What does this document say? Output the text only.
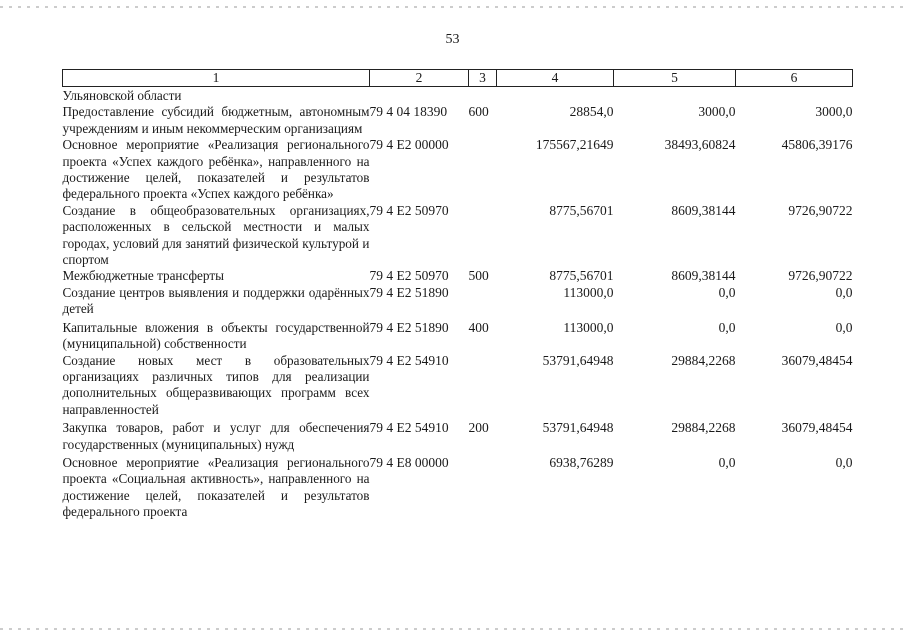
53
1	2	3	4	5	6
Ульяновской области					
Предоставление субсидий бюджетным, автономным учреждениям и иным некоммерческим организациям	79 4 04 18390	600	28854,0	3000,0	3000,0
Основное мероприятие «Реализация регионального проекта «Успех каждого ребёнка», направленного на достижение целей, показателей и результатов федерального проекта «Успех каждого ребёнка»	79 4 E2 00000		175567,21649	38493,60824	45806,39176
Создание в общеобразовательных организациях, расположенных в сельской местности и малых городах, условий для занятий физической культурой и спортом	79 4 E2 50970		8775,56701	8609,38144	9726,90722
Межбюджетные трансферты	79 4 E2 50970	500	8775,56701	8609,38144	9726,90722
Создание центров выявления и поддержки одарённых детей	79 4 E2 51890		113000,0	0,0	0,0
Капитальные вложения в объекты государственной (муниципальной) собственности	79 4 E2 51890	400	113000,0	0,0	0,0
Создание новых мест в образовательных организациях различных типов для реализации дополнительных общеразвивающих программ всех направленностей	79 4 E2 54910		53791,64948	29884,2268	36079,48454
Закупка товаров, работ и услуг для обеспечения государственных (муниципальных) нужд	79 4 E2 54910	200	53791,64948	29884,2268	36079,48454
Основное мероприятие «Реализация регионального проекта «Социальная активность», направленного на достижение целей, показателей и результатов федерального проекта	79 4 E8 00000		6938,76289	0,0	0,0
